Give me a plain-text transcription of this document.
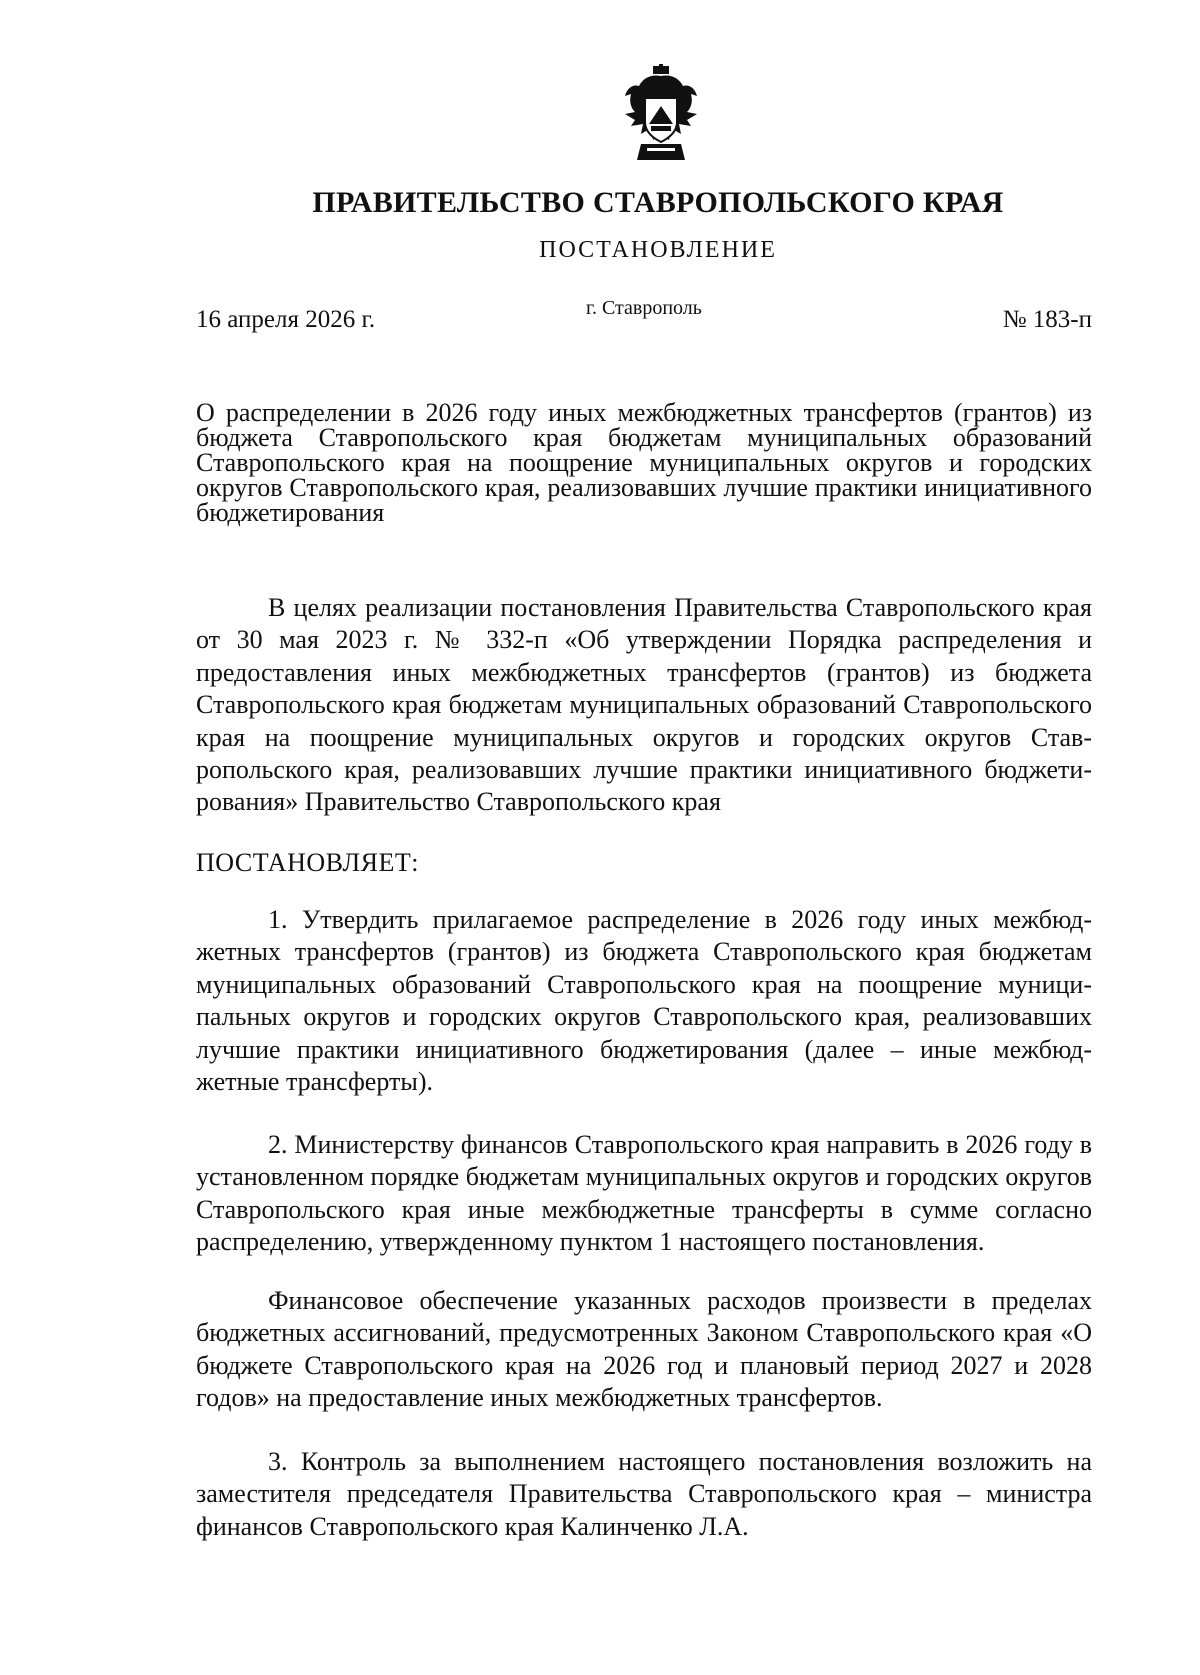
ПРАВИТЕЛЬСТВО СТАВРОПОЛЬСКОГО КРАЯ
ПОСТАНОВЛЕНИЕ
16 апреля 2026 г.	г. Ставрополь	№ 183-п
О распределении в 2026 году иных межбюджетных трансфертов (грантов) из бюджета Ставропольского края бюджетам муниципальных образований Ставропольского края на поощрение муниципальных округов и городских округов Ставропольского края, реализовавших лучшие практики инициативного бюджетирования

В целях реализации постановления Правительства Ставропольского края от 30 мая 2023 г. № 332-п «Об утверждении Порядка распределения и предоставления иных межбюджетных трансфертов (грантов) из бюджета Ставропольского края бюджетам муниципальных образований Ставропольского края на поощрение муниципальных округов и городских округов Ставропольского края, реализовавших лучшие практики инициативного бюджетирования» Правительство Ставропольского края

ПОСТАНОВЛЯЕТ:

1. Утвердить прилагаемое распределение в 2026 году иных межбюджетных трансфертов (грантов) из бюджета Ставропольского края бюджетам муниципальных образований Ставропольского края на поощрение муниципальных округов и городских округов Ставропольского края, реализовавших лучшие практики инициативного бюджетирования (далее – иные межбюджетные трансферты).

2. Министерству финансов Ставропольского края направить в 2026 году в установленном порядке бюджетам муниципальных округов и городских округов Ставропольского края иные межбюджетные трансферты в сумме согласно распределению, утвержденному пунктом 1 настоящего постановления.

Финансовое обеспечение указанных расходов произвести в пределах бюджетных ассигнований, предусмотренных Законом Ставропольского края «О бюджете Ставропольского края на 2026 год и плановый период 2027 и 2028 годов» на предоставление иных межбюджетных трансфертов.

3. Контроль за выполнением настоящего постановления возложить на заместителя председателя Правительства Ставропольского края – министра финансов Ставропольского края Калинченко Л.А.
